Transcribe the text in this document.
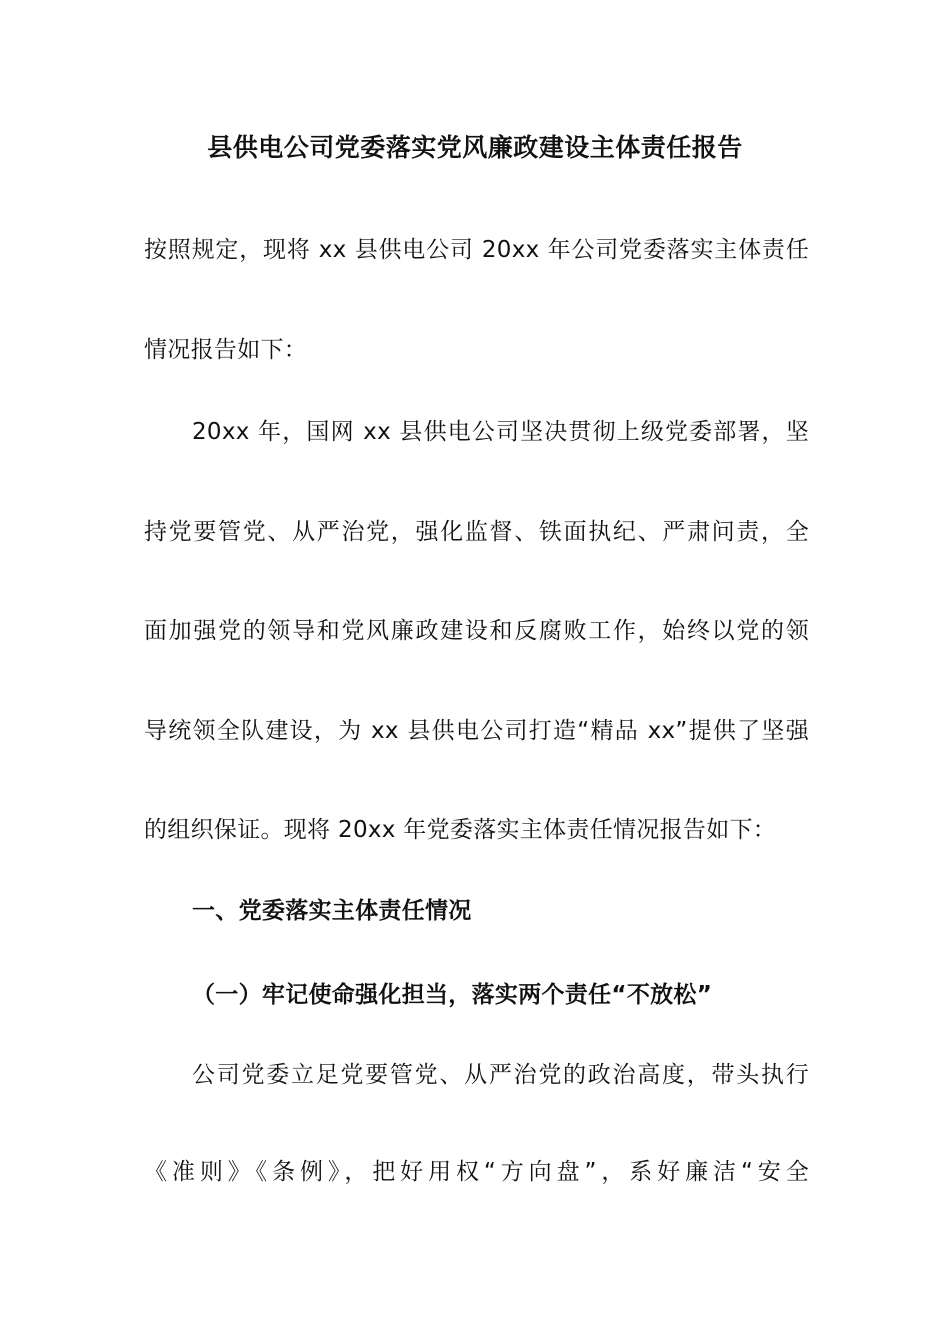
县供电公司党委落实党风廉政建设主体责任报告
按照规定，现将 xx 县供电公司 20xx 年公司党委落实主体责任
情况报告如下：
20xx 年，国网 xx 县供电公司坚决贯彻上级党委部署，坚
持党要管党、从严治党，强化监督、铁面执纪、严肃问责，全
面加强党的领导和党风廉政建设和反腐败工作，始终以党的领
导统领全队建设，为 xx 县供电公司打造“精品 xx”提供了坚强
的组织保证。现将 20xx 年党委落实主体责任情况报告如下：
一、党委落实主体责任情况
（一）牢记使命强化担当，落实两个责任“不放松”
公司党委立足党要管党、从严治党的政治高度，带头执行
《准则》《条例》，把好用权“方向盘”，系好廉洁“安全
